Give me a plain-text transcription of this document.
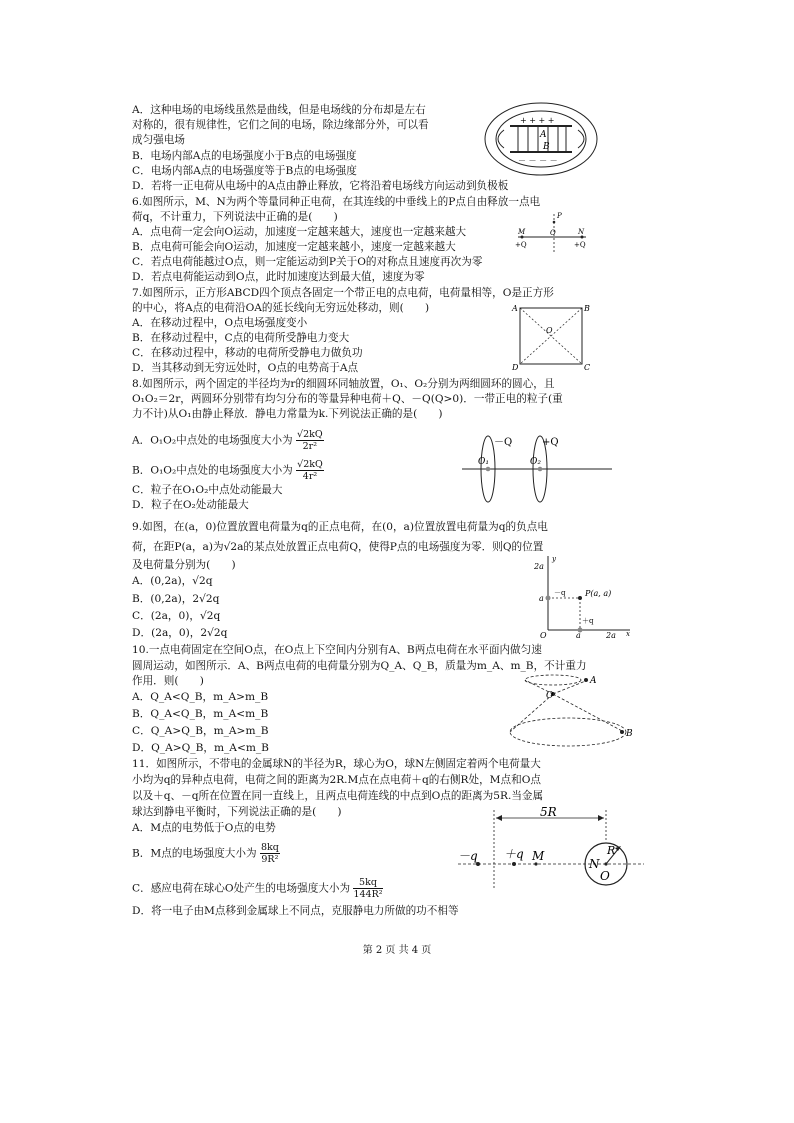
A．这种电场的电场线虽然是曲线，但是电场线的分布却是左右
对称的，很有规律性，它们之间的电场，除边缘部分外，可以看
成匀强电场
B．电场内部A点的电场强度小于B点的电场强度
C．电场内部A点的电场强度等于B点的电场强度
D．若将一正电荷从电场中的A点由静止释放，它将沿着电场线方向运动到负极板
+ + + +
－ － － －
A
B
6.如图所示，M、N为两个等量同种正电荷，在其连线的中垂线上的P点自由释放一点电
荷q，不计重力，下列说法中正确的是(　　)
A．点电荷一定会向O运动，加速度一定越来越大，速度也一定越来越大
B．点电荷可能会向O运动，加速度一定越来越小，速度一定越来越大
C．若点电荷能越过O点，则一定能运动到P关于O的对称点且速度再次为零
D．若点电荷能运动到O点，此时加速度达到最大值，速度为零
P
M	O	N
+Q	+Q
7.如图所示，正方形ABCD四个顶点各固定一个带正电的点电荷，电荷量相等，O是正方形
的中心，将A点的电荷沿OA的延长线向无穷远处移动，则(　　)
A．在移动过程中，O点电场强度变小
B．在移动过程中，C点的电荷所受静电力变大
C．在移动过程中，移动的电荷所受静电力做负功
D．当其移动到无穷远处时，O点的电势高于A点
A	B
C
D
O
8.如图所示，两个固定的半径均为r的细圆环同轴放置，O₁、O₂分别为两细圆环的圆心，且
O₁O₂＝2r，两圆环分别带有均匀分布的等量异种电荷＋Q、－Q(Q>0)．一带正电的粒子(重
力不计)从O₁由静止释放．静电力常量为k.下列说法正确的是(　　)
A．O₁O₂中点处的电场强度大小为 $\frac{√2kQ}{\text{2r²}}$
B．O₁O₂中点处的电场强度大小为 $\frac{√2kQ}{\text{4r²}}$
C．粒子在O₁O₂中点处动能最大
D．粒子在O₂处动能最大
O₁	O₂
－Q	+Q
9.如图，在(a，0)位置放置电荷量为q的正点电荷，在(0，a)位置放置电荷量为q的负点电
荷，在距P(a，a)为√2a的某点处放置正点电荷Q，使得P点的电场强度为零．则Q的位置
及电荷量分别为(　　)
A．(0,2a)，√2q
B．(0,2a)，2√2q
C．(2a，0)，√2q
D．(2a，0)，2√2q
y
x
O
a
2a
a	2a
－q
＋q
P(a, a)
10.一点电荷固定在空间O点，在O点上下空间内分别有A、B两点电荷在水平面内做匀速
圆周运动，如图所示．A、B两点电荷的电荷量分别为Q_A、Q_B，质量为m_A、m_B，不计重力
作用．则(　　)
A．Q_A<Q_B，m_A>m_B
B．Q_A<Q_B，m_A<m_B
C．Q_A>Q_B，m_A>m_B
D．Q_A>Q_B，m_A<m_B
A
O
B
11．如图所示，不带电的金属球N的半径为R，球心为O，球N左侧固定着两个电荷量大
小均为q的异种点电荷，电荷之间的距离为2R.M点在点电荷＋q的右侧R处，M点和O点
以及＋q、－q所在位置在同一直线上，且两点电荷连线的中点到O点的距离为5R.当金属
球达到静电平衡时，下列说法正确的是(　　)
A．M点的电势低于O点的电势
B．M点的电场强度大小为 $\frac{8kq}{\text{9R²}}$
C．感应电荷在球心O处产生的电场强度大小为 $\frac{5kq}{\text{144R²}}$
D．将一电子由M点移到金属球上不同点，克服静电力所做的功不相等
5R
－q ＋q M
N
R
O
第 2 页 共 4 页
